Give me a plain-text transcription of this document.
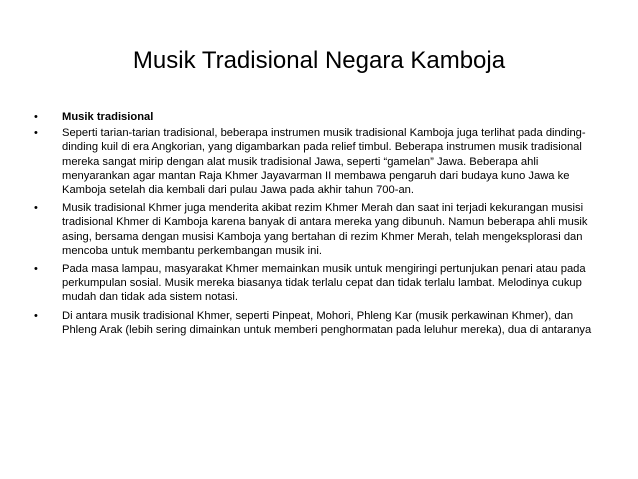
Musik Tradisional Negara Kamboja
•	Musik tradisional
•	Seperti tarian-tarian tradisional, beberapa instrumen musik tradisional Kamboja juga terlihat pada dinding-dinding kuil di era Angkorian, yang digambarkan pada relief timbul. Beberapa instrumen musik tradisional mereka sangat mirip dengan alat musik tradisional Jawa, seperti “gamelan” Jawa. Beberapa ahli menyarankan agar mantan Raja Khmer Jayavarman II membawa pengaruh dari budaya kuno Jawa ke Kamboja setelah dia kembali dari pulau Jawa pada akhir tahun 700-an.
•	Musik tradisional Khmer juga menderita akibat rezim Khmer Merah dan saat ini terjadi kekurangan musisi tradisional Khmer di Kamboja karena banyak di antara mereka yang dibunuh. Namun beberapa ahli musik asing, bersama dengan musisi Kamboja yang bertahan di rezim Khmer Merah, telah mengeksplorasi dan mencoba untuk membantu perkembangan musik ini.
•	Pada masa lampau, masyarakat Khmer memainkan musik untuk mengiringi pertunjukan penari atau pada perkumpulan sosial. Musik mereka biasanya tidak terlalu cepat dan tidak terlalu lambat. Melodinya cukup mudah dan tidak ada sistem notasi.
•	Di antara musik tradisional Khmer, seperti Pinpeat, Mohori, Phleng Kar (musik perkawinan Khmer), dan Phleng Arak (lebih sering dimainkan untuk memberi penghormatan pada leluhur mereka), dua di antaranya
